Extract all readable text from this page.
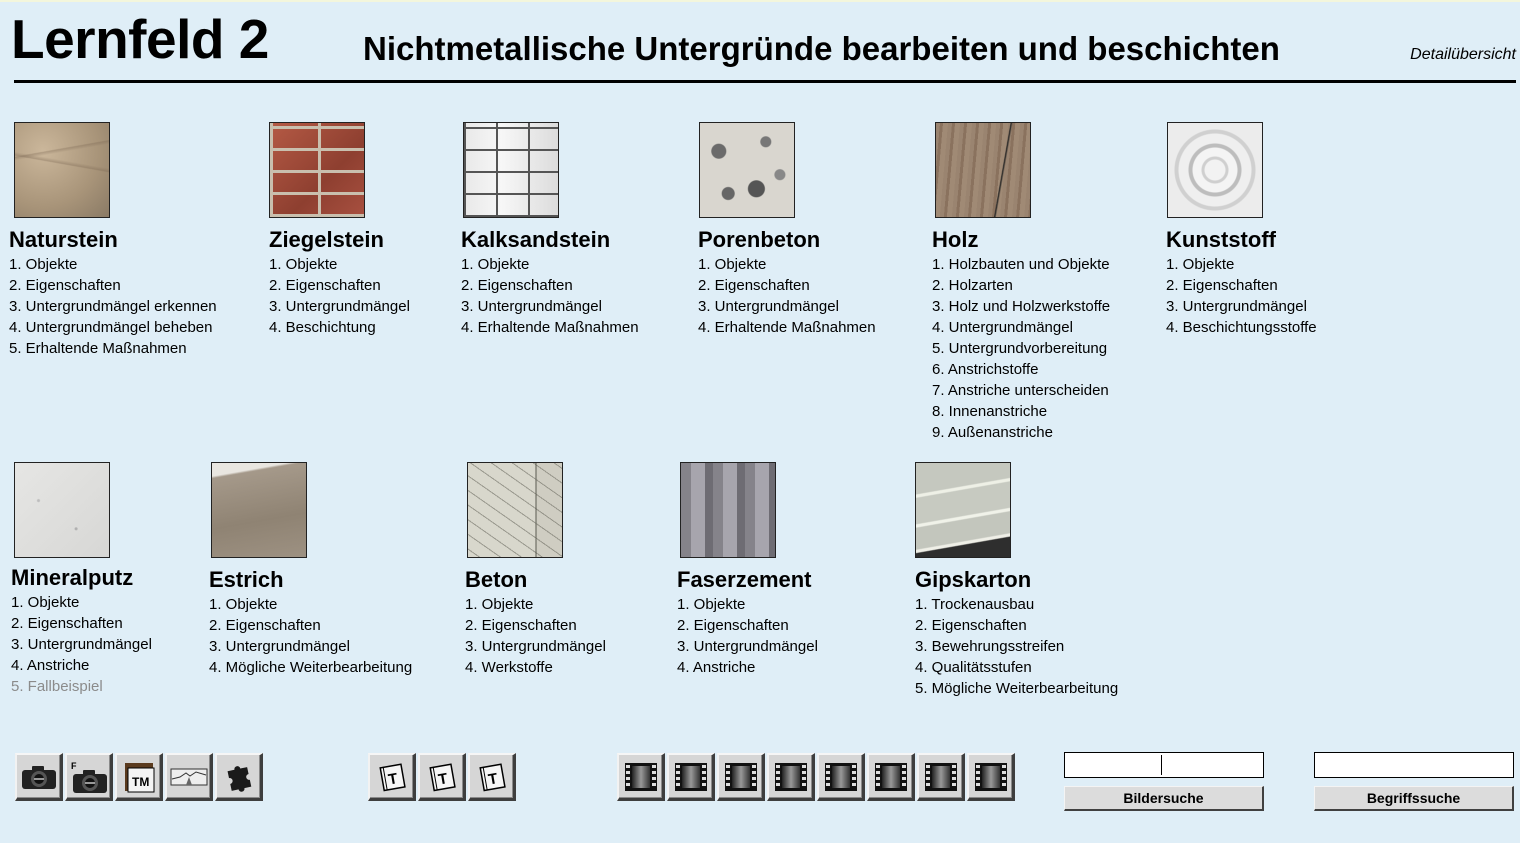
Lernfeld 2	Nichtmetallische Untergründe bearbeiten und beschichten	Detailübersicht
Naturstein
1. Objekte
2. Eigenschaften
3. Untergrundmängel erkennen
4. Untergrundmängel beheben
5. Erhaltende Maßnahmen
Ziegelstein
1. Objekte
2. Eigenschaften
3. Untergrundmängel
4. Beschichtung
Kalksandstein
1. Objekte
2. Eigenschaften
3. Untergrundmängel
4. Erhaltende Maßnahmen
Porenbeton
1. Objekte
2. Eigenschaften
3. Untergrundmängel
4. Erhaltende Maßnahmen
Holz
1. Holzbauten und Objekte
2. Holzarten
3. Holz und Holzwerkstoffe
4. Untergrundmängel
5. Untergrundvorbereitung
6. Anstrichstoffe
7. Anstriche unterscheiden
8. Innenanstriche
9. Außenanstriche
Kunststoff
1. Objekte
2. Eigenschaften
3. Untergrundmängel
4. Beschichtungsstoffe
Mineralputz
1. Objekte
2. Eigenschaften
3. Untergrundmängel
4. Anstriche
5. Fallbeispiel
Estrich
1. Objekte
2. Eigenschaften
3. Untergrundmängel
4. Mögliche Weiterbearbeitung
Beton
1. Objekte
2. Eigenschaften
3. Untergrundmängel
4. Werkstoffe
Faserzement
1. Objekte
2. Eigenschaften
3. Untergrundmängel
4. Anstriche
Gipskarton
1. Trockenausbau
2. Eigenschaften
3. Bewehrungsstreifen
4. Qualitätsstufen
5. Mögliche Weiterbearbeitung
F
TM	T	T	T
Bildersuche	Begriffssuche
